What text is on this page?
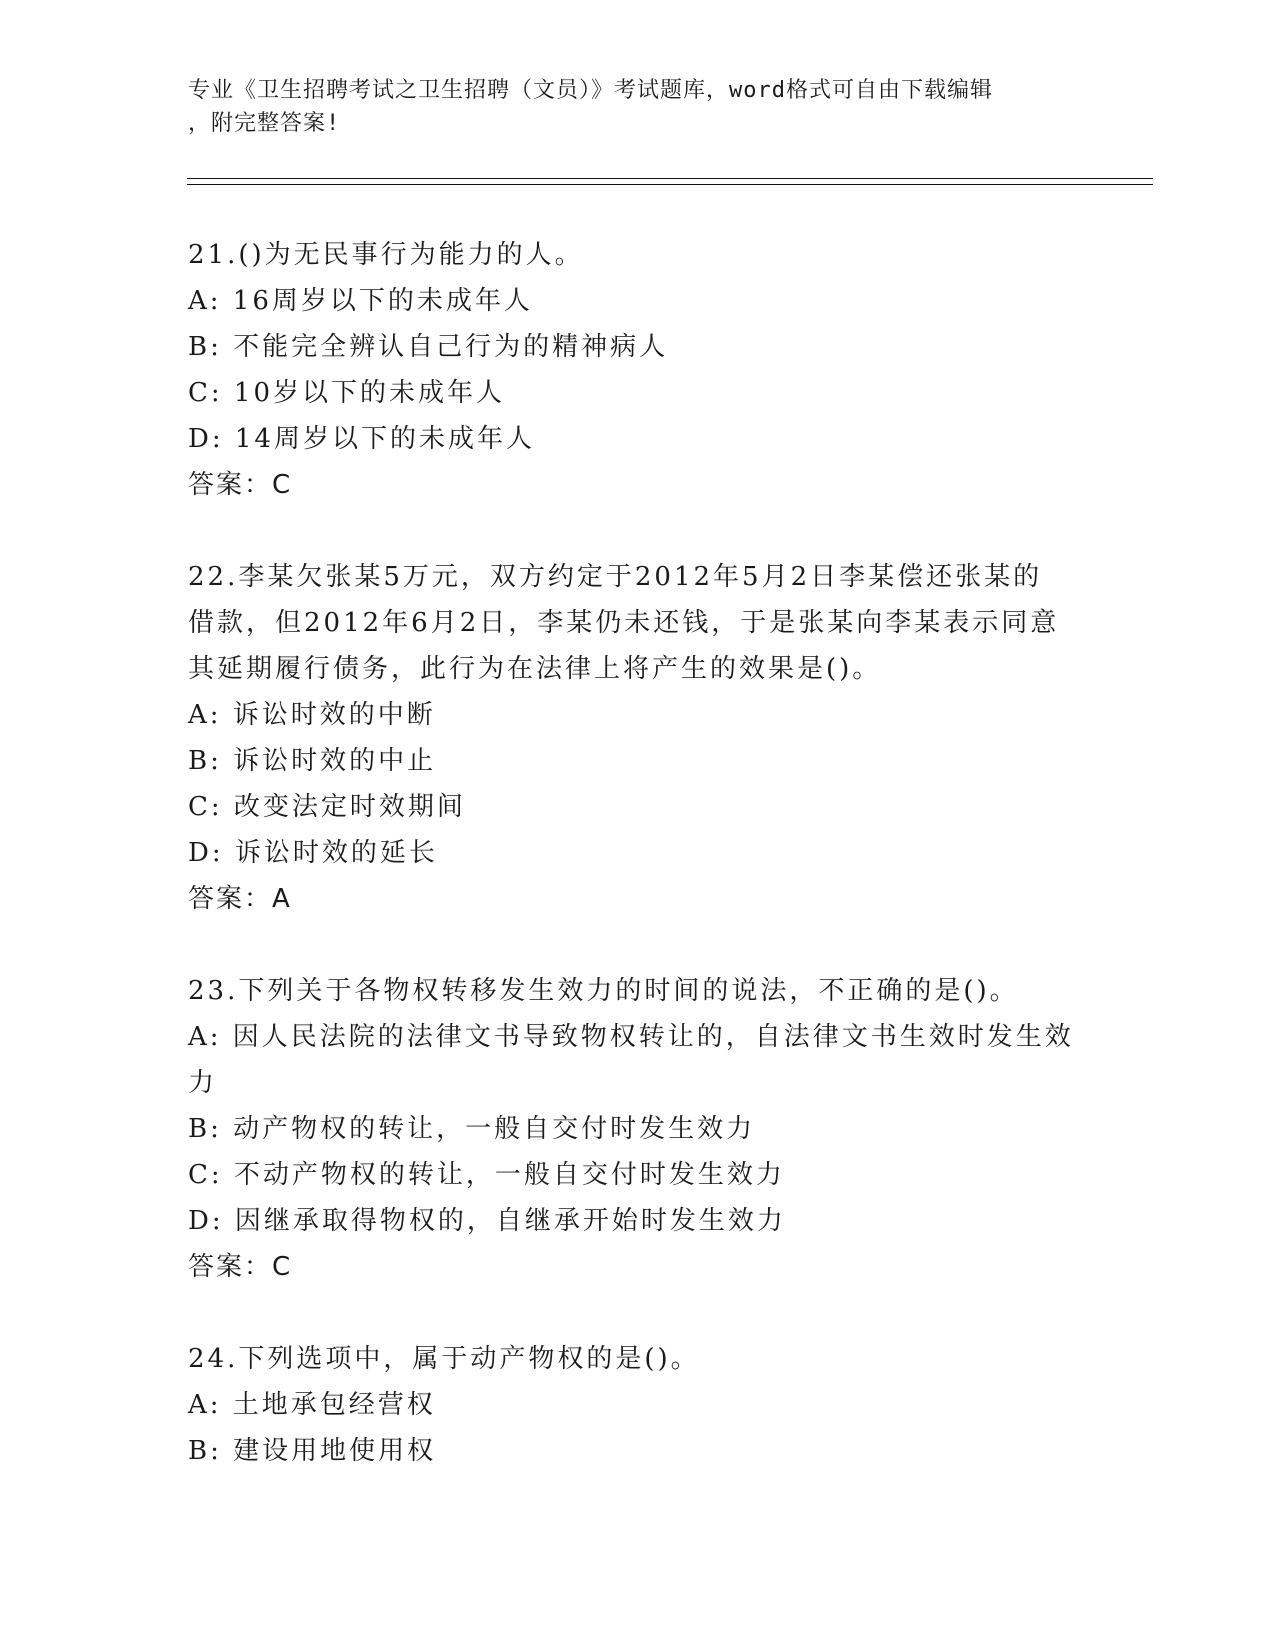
专业《卫生招聘考试之卫生招聘（文员）》考试题库，word格式可自由下载编辑
，附完整答案!
21.()为无民事行为能力的人。
A: 16周岁以下的未成年人
B: 不能完全辨认自己行为的精神病人
C: 10岁以下的未成年人
D: 14周岁以下的未成年人
答案：C
22.李某欠张某5万元，双方约定于2012年5月2日李某偿还张某的
借款，但2012年6月2日，李某仍未还钱，于是张某向李某表示同意
其延期履行债务，此行为在法律上将产生的效果是()。
A: 诉讼时效的中断
B: 诉讼时效的中止
C: 改变法定时效期间
D: 诉讼时效的延长
答案：A
23.下列关于各物权转移发生效力的时间的说法，不正确的是()。
A: 因人民法院的法律文书导致物权转让的，自法律文书生效时发生效
力
B: 动产物权的转让，一般自交付时发生效力
C: 不动产物权的转让，一般自交付时发生效力
D: 因继承取得物权的，自继承开始时发生效力
答案：C
24.下列选项中，属于动产物权的是()。
A: 土地承包经营权
B: 建设用地使用权
